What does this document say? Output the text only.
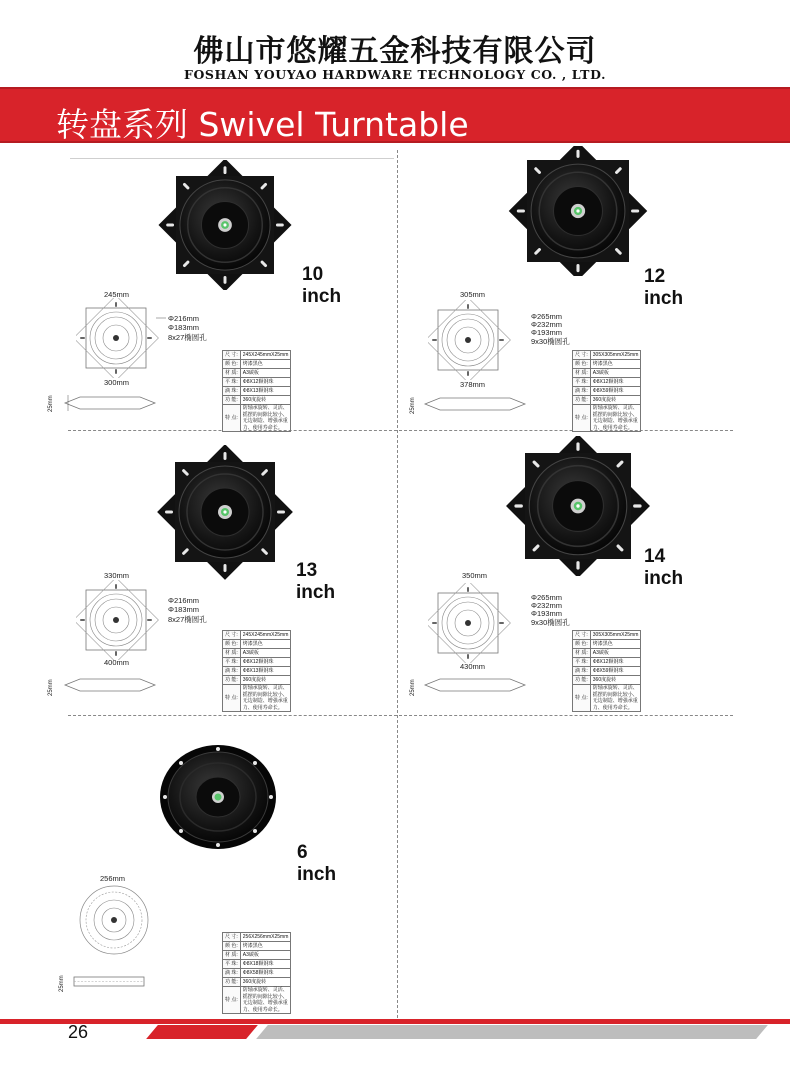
佛山市悠耀五金科技有限公司
FOSHAN YOUYAO HARDWARE TECHNOLOGY CO. , LTD.
转盘系列 Swivel Turntable
10 inch
245mm
300mm
Φ216mm
Φ183mm
8x27椭圆孔
25mm
尺 寸:	245X245mmX25mm
颜 色:	烤漆黑色
材 质:	A3碳板
平 珠:	Φ8X12颗钢珠
滴 珠:	Φ8X13颗钢珠
功 能:	360度旋转
特 点:	防轴承旋转、灵活、摇摆的间隙比较小、无边制造、增强承重力、使用寿命长。
12 inch
305mm
378mm
Φ265mm
Φ232mm
Φ193mm
9x30椭圆孔
25mm
尺 寸:	305X305mmX25mm
颜 色:	烤漆黑色
材 质:	A3碳板
平 珠:	Φ8X12颗钢珠
滴 珠:	Φ8X59颗钢珠
功 能:	360度旋转
特 点:	防轴承旋转、灵活、摇摆的间隙比较小、无边制造、增强承重力、使用寿命长。
13 inch
330mm
400mm
Φ216mm
Φ183mm
8x27椭圆孔
25mm
尺 寸:	245X245mmX25mm
颜 色:	烤漆黑色
材 质:	A3碳板
平 珠:	Φ8X12颗钢珠
滴 珠:	Φ8X13颗钢珠
功 能:	360度旋转
特 点:	防轴承旋转、灵活、摇摆的间隙比较小、无边制造、增强承重力、使用寿命长。
14 inch
350mm
430mm
Φ265mm
Φ232mm
Φ193mm
9x30椭圆孔
25mm
尺 寸:	305X305mmX25mm
颜 色:	烤漆黑色
材 质:	A3碳板
平 珠:	Φ8X12颗钢珠
滴 珠:	Φ8X59颗钢珠
功 能:	360度旋转
特 点:	防轴承旋转、灵活、摇摆的间隙比较小、无边制造、增强承重力、使用寿命长。
6 inch
256mm
25mm
尺 寸:	256X256mmX25mm
颜 色:	烤漆黑色
材 质:	A3碳板
平 珠:	Φ8X18颗钢珠
滴 珠:	Φ8X58颗钢珠
功 能:	360度旋转
特 点:	防轴承旋转、灵活、摇摆的间隙比较小、无边制造、增强承重力、使用寿命长。
26
